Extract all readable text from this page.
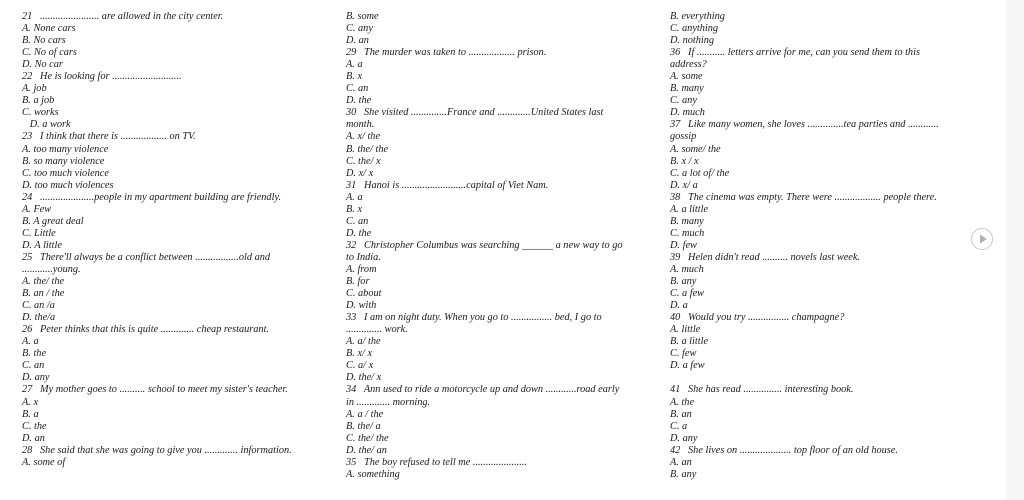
21   ....................... are allowed in the city center.
A. None cars
B. No cars
C. No of cars
D. No car
22   He is looking for ...........................
A. job
B. a job
C. works
D. a work
23   I think that there is .................. on TV.
A. too many violence
B. so many violence
C. too much violence
D. too much violences
24   .....................people in my apartment building are friendly.
A. Few
B. A great deal
C. Little
D. A little
25   There'll always be a conflict between .................old and
............young.
A. the/ the
B. an / the
C. an /a
D. the/a
26   Peter thinks that this is quite ............. cheap restaurant.
A. a
B. the
C. an
D. any
27   My mother goes to .......... school to meet my sister's teacher.
A. x
B. a
C. the
D. an
28   She said that she was going to give you ............. information.
A. some of
B. some
C. any
D. an
29   The murder was taken to .................. prison.
A. a
B. x
C. an
D. the
30   She visited ..............France and .............United States last
month.
A. x/ the
B. the/ the
C. the/ x
D. x/ x
31   Hanoi is .........................capital of Viet Nam.
A. a
B. x
C. an
D. the
32   Christopher Columbus was searching ______ a new way to go
to India.
A. from
B. for
C. about
D. with
33   I am on night duty. When you go to ................ bed, I go to
.............. work.
A. a/ the
B. x/ x
C. a/ x
D. the/ x
34   Ann used to ride a motorcycle up and down ............road early
in ............. morning.
A. a / the
B. the/ a
C. the/ the
D. the/ an
35   The boy refused to tell me .....................
A. something
B. everything
C. anything
D. nothing
36   If ........... letters arrive for me, can you send them to this
address?
A. some
B. many
C. any
D. much
37   Like many women, she loves ..............tea parties and ............
gossip
A. some/ the
B. x / x
C. a lot of/ the
D. x/ a
38   The cinema was empty. There were .................. people there.
A. a little
B. many
C. much
D. few
39   Helen didn't read .......... novels last week.
A. much
B. any
C. a few
D. a
40   Would you try ................ champagne?
A. little
B. a little
C. few
D. a few
41   She has read ............... interesting book.
A. the
B. an
C. a
D. any
42   She lives on .................... top floor of an old house.
A. an
B. any
